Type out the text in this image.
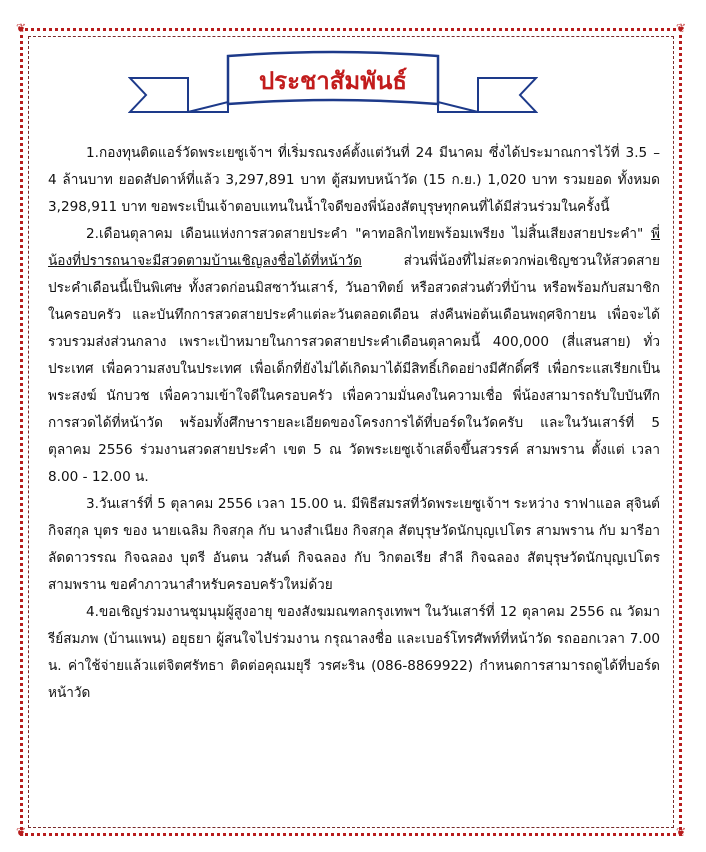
❦	❦
❦	❦
ประชาสัมพันธ์

1.กองทุนติดแอร์วัดพระเยซูเจ้าฯ ที่เริ่มรณรงค์ตั้งแต่วันที่ 24 มีนาคม ซึ่งได้ประมาณการไว้ที่ 3.5 – 4 ล้านบาท ยอดสัปดาห์ที่แล้ว 3,297,891 บาท ตู้สมทบหน้าวัด (15 ก.ย.) 1,020 บาท รวมยอด ทั้งหมด 3,298,911 บาท ขอพระเป็นเจ้าตอบแทนในน้ำใจดีของพี่น้องสัตบุรุษทุกคนที่ได้มีส่วนร่วมในครั้งนี้

2.เดือนตุลาคม เดือนแห่งการสวดสายประคำ "คาทอลิกไทยพร้อมเพรียง ไม่สิ้นเสียงสายประคำ" พี่น้องที่ปรารถนาจะมีสวดตามบ้านเชิญลงชื่อได้ที่หน้าวัด ส่วนพี่น้องที่ไม่สะดวกพ่อเชิญชวนให้สวดสายประคำเดือนนี้เป็นพิเศษ ทั้งสวดก่อนมิสซาวันเสาร์, วันอาทิตย์ หรือสวดส่วนตัวที่บ้าน หรือพร้อมกับสมาชิกในครอบครัว และบันทึกการสวดสายประคำแต่ละวันตลอดเดือน ส่งคืนพ่อต้นเดือนพฤศจิกายน เพื่อจะได้รวบรวมส่งส่วนกลาง เพราะเป้าหมายในการสวดสายประคำเดือนตุลาคมนี้ 400,000 (สี่แสนสาย) ทั่วประเทศ เพื่อความสงบในประเทศ เพื่อเด็กที่ยังไม่ได้เกิดมาได้มีสิทธิ์เกิดอย่างมีศักดิ์ศรี เพื่อกระแสเรียกเป็นพระสงฆ์ นักบวช เพื่อความเข้าใจดีในครอบครัว เพื่อความมั่นคงในความเชื่อ พี่น้องสามารถรับใบบันทึกการสวดได้ที่หน้าวัด พร้อมทั้งศึกษารายละเอียดของโครงการได้ที่บอร์ดในวัดครับ และในวันเสาร์ที่ 5 ตุลาคม 2556 ร่วมงานสวดสายประคำ เขต 5 ณ วัดพระเยซูเจ้าเสด็จขึ้นสวรรค์ สามพราน ตั้งแต่ เวลา 8.00 - 12.00 น.

3.วันเสาร์ที่ 5 ตุลาคม 2556 เวลา 15.00 น. มีพิธีสมรสที่วัดพระเยซูเจ้าฯ ระหว่าง ราฟาแอล สุจินต์ กิจสกุล บุตร ของ นายเฉลิม กิจสกุล กับ นางสำเนียง กิจสกุล สัตบุรุษวัดนักบุญเปโตร สามพราน กับ มารีอา ลัดดาวรรณ กิจฉลอง บุตรี อันตน วสันต์ กิจฉลอง กับ วิกตอเรีย สำลี กิจฉลอง สัตบุรุษวัดนักบุญเปโตร สามพราน ขอคำภาวนาสำหรับครอบครัวใหม่ด้วย

4.ขอเชิญร่วมงานชุมนุมผู้สูงอายุ ของสังฆมณฑลกรุงเทพฯ ในวันเสาร์ที่ 12 ตุลาคม 2556 ณ วัดมารีย์สมภพ (บ้านแพน) อยุธยา ผู้สนใจไปร่วมงาน กรุณาลงชื่อ และเบอร์โทรศัพท์ที่หน้าวัด รถออกเวลา 7.00 น. ค่าใช้จ่ายแล้วแต่จิตศรัทธา ติดต่อคุณมยุรี วรศะริน (086-8869922) กำหนดการสามารถดูได้ที่บอร์ดหน้าวัด
